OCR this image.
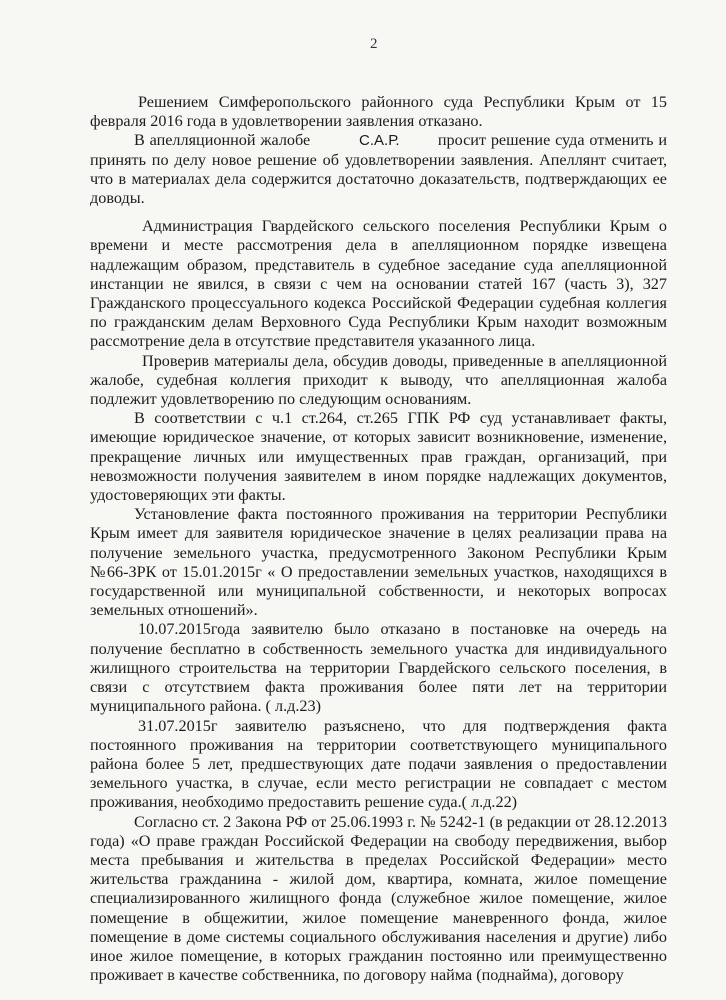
2

Решением Симферопольского районного суда Республики Крым от 15 февраля 2016 года в удовлетворении заявления отказано.

В апелляционной жалобе	С.А.Р. просит решение суда отменить и принять по делу новое решение об удовлетворении заявления. Апеллянт считает, что в материалах дела содержится достаточно доказательств, подтверждающих ее доводы.

Администрация Гвардейского сельского поселения Республики Крым о времени и месте рассмотрения дела в апелляционном порядке извещена надлежащим образом, представитель в судебное заседание суда апелляционной инстанции не явился, в связи с чем на основании статей 167 (часть 3), 327 Гражданского процессуального кодекса Российской Федерации судебная коллегия по гражданским делам Верховного Суда Республики Крым находит возможным рассмотрение дела в отсутствие представителя указанного лица.

Проверив материалы дела, обсудив доводы, приведенные в апелляционной жалобе, судебная коллегия приходит к выводу, что апелляционная жалоба подлежит удовлетворению по следующим основаниям.

В соответствии с ч.1 ст.264, ст.265 ГПК РФ суд устанавливает факты, имеющие юридическое значение, от которых зависит возникновение, изменение, прекращение личных или имущественных прав граждан, организаций, при невозможности получения заявителем в ином порядке надлежащих документов, удостоверяющих эти факты.

Установление факта постоянного проживания на территории Республики Крым имеет для заявителя юридическое значение в целях реализации права на получение земельного участка, предусмотренного Законом Республики Крым №66-ЗРК от 15.01.2015г « О предоставлении земельных участков, находящихся в государственной или муниципальной собственности, и некоторых вопросах земельных отношений».

10.07.2015года заявителю было отказано в постановке на очередь на получение бесплатно в собственность земельного участка для индивидуального жилищного строительства на территории Гвардейского сельского поселения, в связи с отсутствием факта проживания более пяти лет на территории муниципального района. ( л.д.23)

31.07.2015г заявителю разъяснено, что для подтверждения факта постоянного проживания на территории соответствующего муниципального района более 5 лет, предшествующих дате подачи заявления о предоставлении земельного участка, в случае, если место регистрации не совпадает с местом проживания, необходимо предоставить решение суда.( л.д.22)

Согласно ст. 2 Закона РФ от 25.06.1993 г. № 5242-1 (в редакции от 28.12.2013 года) «О праве граждан Российской Федерации на свободу передвижения, выбор места пребывания и жительства в пределах Российской Федерации» место жительства гражданина - жилой дом, квартира, комната, жилое помещение специализированного жилищного фонда (служебное жилое помещение, жилое помещение в общежитии, жилое помещение маневренного фонда, жилое помещение в доме системы социального обслуживания населения и другие) либо иное жилое помещение, в которых гражданин постоянно или преимущественно проживает в качестве собственника, по договору найма (поднайма), договору
